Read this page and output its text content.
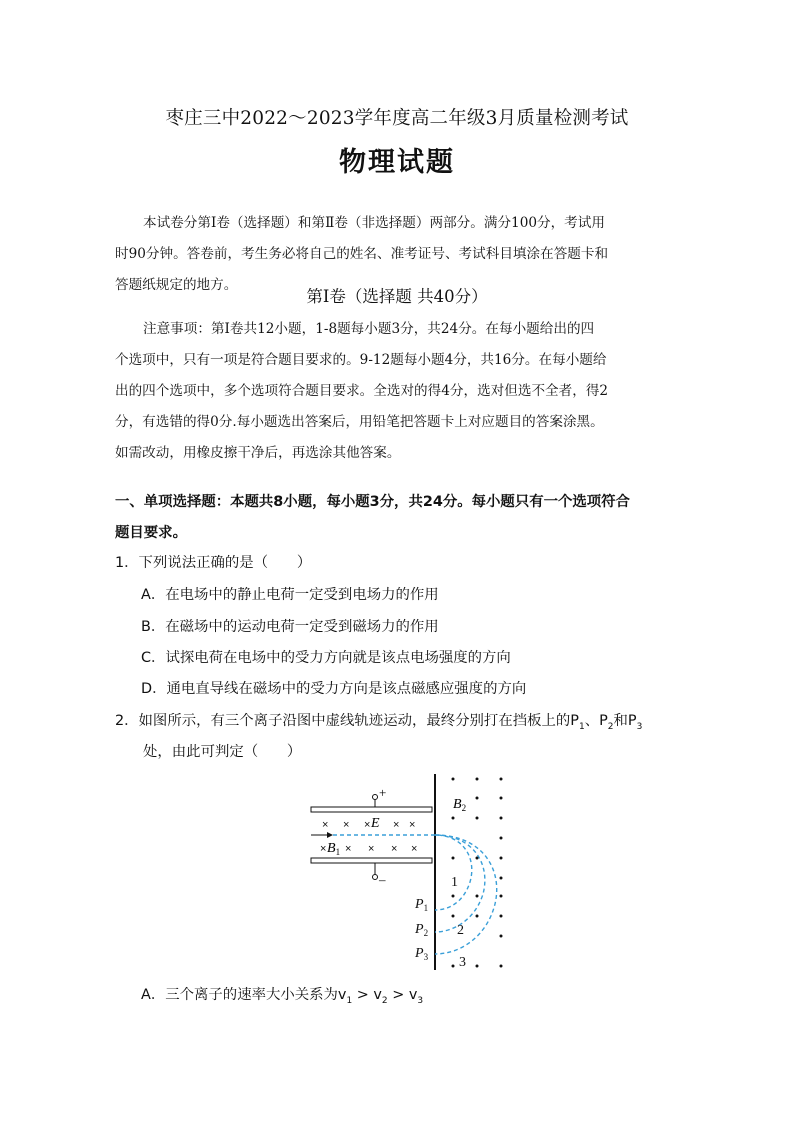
枣庄三中2022～2023学年度高二年级3月质量检测考试
物理试题
本试卷分第Ⅰ卷（选择题）和第Ⅱ卷（非选择题）两部分。满分100分，考试用
时90分钟。答卷前，考生务必将自己的姓名、准考证号、考试科目填涂在答题卡和
答题纸规定的地方。
第Ⅰ卷（选择题 共40分）
注意事项：第Ⅰ卷共12小题，1-8题每小题3分，共24分。在每小题给出的四
个选项中，只有一项是符合题目要求的。9-12题每小题4分，共16分。在每小题给
出的四个选项中，多个选项符合题目要求。全选对的得4分，选对但选不全者，得2
分，有选错的得0分.每小题选出答案后，用铅笔把答题卡上对应题目的答案涂黑。
如需改动，用橡皮擦干净后，再选涂其他答案。
一、单项选择题：本题共8小题，每小题3分，共24分。每小题只有一个选项符合
题目要求。
1．下列说法正确的是（　　）
A．在电场中的静止电荷一定受到电场力的作用
B．在磁场中的运动电荷一定受到磁场力的作用
C．试探电荷在电场中的受力方向就是该点电场强度的方向
D．通电直导线在磁场中的受力方向是该点磁感应强度的方向
2．如图所示，有三个离子沿图中虚线轨迹运动，最终分别打在挡板上的$P_1$、$P_2$和$P_3$
处，由此可判定（　　）
+
–
× × × × ×
× × × × ×
E
$B_1$
$B_2$
1
2
3
$P_1$
$P_2$
$P_3$
A．三个离子的速率大小关系为$v_1 > v_2 > v_3$
